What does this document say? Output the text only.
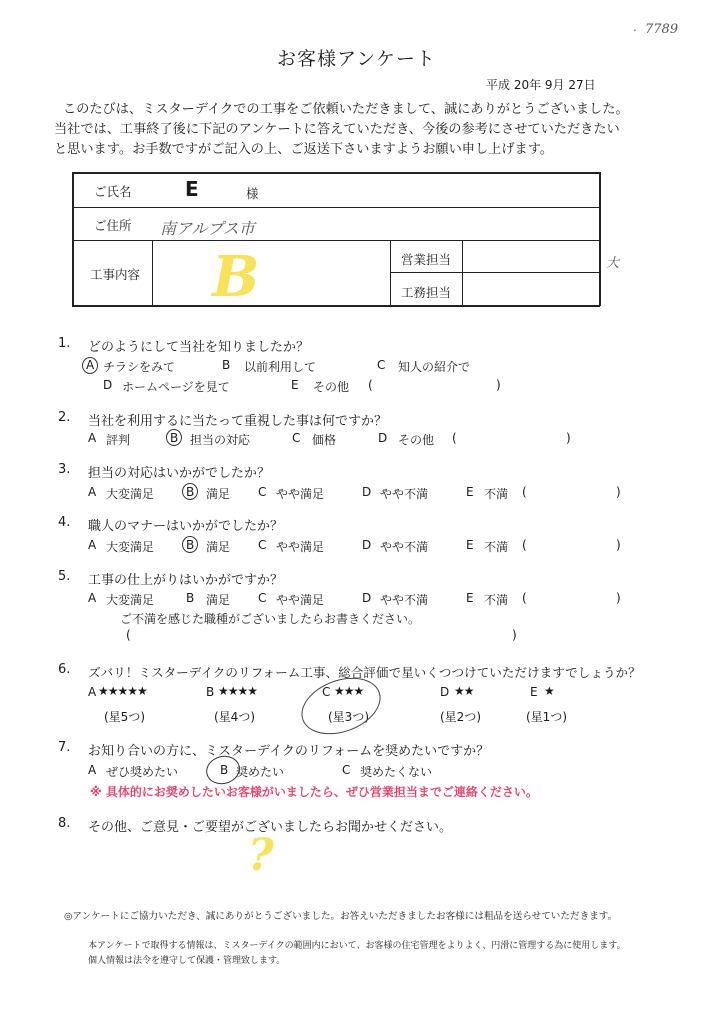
7789
.
お客様アンケート
平成 20年 9月 27日
このたびは、ミスターデイクでの工事をご依頼いただきまして、誠にありがとうございました。
当社では、工事終了後に下記のアンケートに答えていただき、今後の参考にさせていただきたい
と思います。お手数ですがご記入の上、ご返送下さいますようお願い申し上げます。
ご氏名	E	様
ご住所 南アルプス市
工事内容 B	営業担当
工務担当
大
1. どのようにして当社を知りましたか？
A チラシをみて	B 以前利用して	C 知人の紹介で
D ホームページを見て	E その他 (	)
2. 当社を利用するに当たって重視した事は何ですか？
A 評判	B 担当の対応	C 価格	D その他 (	)
3. 担当の対応はいかがでしたか？
A 大変満足	B 満足 C やや満足	D やや不満	E 不満 (	)
4. 職人のマナーはいかがでしたか？
A 大変満足	B 満足 C やや満足	D やや不満	E 不満 (	)
5. 工事の仕上がりはいかがですか？
A 大変満足	B 満足 C やや満足	D やや不満	E 不満 (	)
ご不満を感じた職種がございましたらお書きください。
(	)
6. ズバリ！ミスターデイクのリフォーム工事、総合評価で星いくつつけていただけますでしょうか？
A ★★★★★
(星5つ)
B ★★★★
(星4つ)
C ★★★
(星3つ)
D ★★
(星2つ)
E ★
(星1つ)
7. お知り合いの方に、ミスターデイクのリフォームを奨めたいですか？
A ぜひ奨めたい	B 奨めたい	C 奨めたくない
※ 具体的にお奨めしたいお客様がいましたら、ぜひ営業担当までご連絡ください。
8. その他、ご意見・ご要望がございましたらお聞かせください。
?
◎アンケートにご協力いただき、誠にありがとうございました。お答えいただきましたお客様には粗品を送らせていただきます。
本アンケートで取得する情報は、ミスターデイクの範囲内において、お客様の住宅管理をよりよく、円滑に管理する為に使用します。
個人情報は法令を遵守して保護・管理致します。
